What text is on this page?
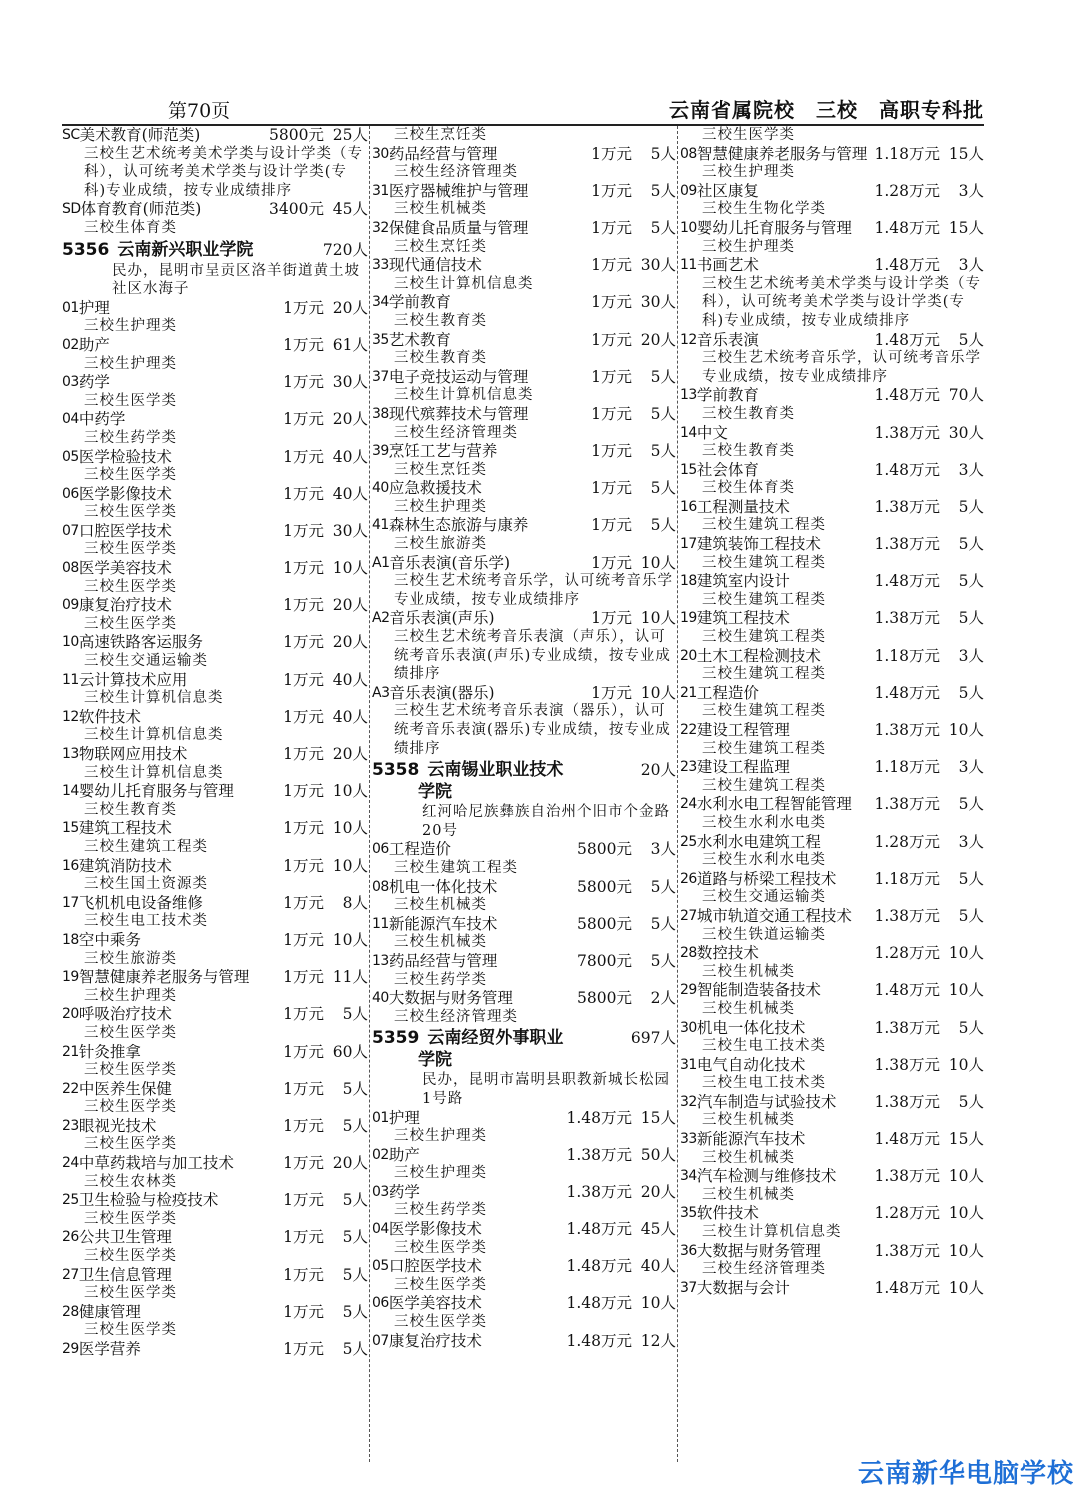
第70页	云南省属院校　三校　高职专科批
SC 美术教育(师范类)	5800元 25人
三校生艺术统考美术学类与设计学类（专科），认可统考美术学类与设计学类(专科)专业成绩，按专业成绩排序
SD 体育教育(师范类)	3400元 45人
三校生体育类
5356 云南新兴职业学院	720人
民办，昆明市呈贡区洛羊街道黄土坡社区水海子
01 护理	1万元 20人
三校生护理类
02 助产	1万元 61人
三校生护理类
03 药学	1万元 30人
三校生医学类
04 中药学	1万元 20人
三校生药学类
05 医学检验技术	1万元 40人
三校生医学类
06 医学影像技术	1万元 40人
三校生医学类
07 口腔医学技术	1万元 30人
三校生医学类
08 医学美容技术	1万元 10人
三校生医学类
09 康复治疗技术	1万元 20人
三校生医学类
10 高速铁路客运服务	1万元 20人
三校生交通运输类
11 云计算技术应用	1万元 40人
三校生计算机信息类
12 软件技术	1万元 40人
三校生计算机信息类
13 物联网应用技术	1万元 20人
三校生计算机信息类
14 婴幼儿托育服务与管理	1万元 10人
三校生教育类
15 建筑工程技术	1万元 10人
三校生建筑工程类
16 建筑消防技术	1万元 10人
三校生国土资源类
17 飞机机电设备维修	1万元	8人
三校生电工技术类
18 空中乘务	1万元 10人
三校生旅游类
19 智慧健康养老服务与管理	1万元 11人
三校生护理类
20 呼吸治疗技术	1万元	5人
三校生医学类
21 针灸推拿	1万元 60人
三校生医学类
22 中医养生保健	1万元	5人
三校生医学类
23 眼视光技术	1万元	5人
三校生医学类
24 中草药栽培与加工技术	1万元 20人
三校生农林类
25 卫生检验与检疫技术	1万元	5人
三校生医学类
26 公共卫生管理	1万元	5人
三校生医学类
27 卫生信息管理	1万元	5人
三校生医学类
28 健康管理	1万元	5人
三校生医学类
29 医学营养	1万元	5人
三校生烹饪类
30 药品经营与管理	1万元	5人
三校生经济管理类
31 医疗器械维护与管理	1万元	5人
三校生机械类
32 保健食品质量与管理	1万元	5人
三校生烹饪类
33 现代通信技术	1万元 30人
三校生计算机信息类
34 学前教育	1万元 30人
三校生教育类
35 艺术教育	1万元 20人
三校生教育类
37 电子竞技运动与管理	1万元	5人
三校生计算机信息类
38 现代殡葬技术与管理	1万元	5人
三校生经济管理类
39 烹饪工艺与营养	1万元	5人
三校生烹饪类
40 应急救援技术	1万元	5人
三校生护理类
41 森林生态旅游与康养	1万元	5人
三校生旅游类
A1 音乐表演(音乐学)	1万元 10人
三校生艺术统考音乐学，认可统考音乐学专业成绩，按专业成绩排序
A2 音乐表演(声乐)	1万元 10人
三校生艺术统考音乐表演（声乐），认可统考音乐表演(声乐)专业成绩，按专业成绩排序
A3 音乐表演(器乐)	1万元 10人
三校生艺术统考音乐表演（器乐），认可统考音乐表演(器乐)专业成绩，按专业成绩排序
5358 云南锡业职业技术	20人
学院
红河哈尼族彝族自治州个旧市个金路20号
06 工程造价	5800元	3人
三校生建筑工程类
08 机电一体化技术	5800元	5人
三校生机械类
11 新能源汽车技术	5800元	5人
三校生机械类
13 药品经营与管理	7800元	5人
三校生药学类
40 大数据与财务管理	5800元	2人
三校生经济管理类
5359 云南经贸外事职业	697人
学院
民办，昆明市嵩明县职教新城长松园1号路
01 护理	1.48万元 15人
三校生护理类
02 助产	1.38万元 50人
三校生护理类
03 药学	1.38万元 20人
三校生药学类
04 医学影像技术	1.48万元 45人
三校生医学类
05 口腔医学技术	1.48万元 40人
三校生医学类
06 医学美容技术	1.48万元 10人
三校生医学类
07 康复治疗技术	1.48万元 12人
三校生医学类
08 智慧健康养老服务与管理 1.18万元 15人
三校生护理类
09 社区康复	1.28万元	3人
三校生生物化学类
10 婴幼儿托育服务与管理	1.48万元 15人
三校生护理类
11 书画艺术	1.48万元	3人
三校生艺术统考美术学类与设计学类（专科），认可统考美术学类与设计学类(专科)专业成绩，按专业成绩排序
12 音乐表演	1.48万元	5人
三校生艺术统考音乐学，认可统考音乐学专业成绩，按专业成绩排序
13 学前教育	1.48万元 70人
三校生教育类
14 中文	1.38万元 30人
三校生教育类
15 社会体育	1.48万元	3人
三校生体育类
16 工程测量技术	1.38万元	5人
三校生建筑工程类
17 建筑装饰工程技术	1.38万元	5人
三校生建筑工程类
18 建筑室内设计	1.48万元	5人
三校生建筑工程类
19 建筑工程技术	1.38万元	5人
三校生建筑工程类
20 土木工程检测技术	1.18万元	3人
三校生建筑工程类
21 工程造价	1.48万元	5人
三校生建筑工程类
22 建设工程管理	1.38万元 10人
三校生建筑工程类
23 建设工程监理	1.18万元	3人
三校生建筑工程类
24 水利水电工程智能管理	1.38万元	5人
三校生水利水电类
25 水利水电建筑工程	1.28万元	3人
三校生水利水电类
26 道路与桥梁工程技术	1.18万元	5人
三校生交通运输类
27 城市轨道交通工程技术	1.38万元	5人
三校生铁道运输类
28 数控技术	1.28万元 10人
三校生机械类
29 智能制造装备技术	1.48万元 10人
三校生机械类
30 机电一体化技术	1.38万元	5人
三校生电工技术类
31 电气自动化技术	1.38万元 10人
三校生电工技术类
32 汽车制造与试验技术	1.38万元	5人
三校生机械类
33 新能源汽车技术	1.48万元 15人
三校生机械类
34 汽车检测与维修技术	1.38万元 10人
三校生机械类
35 软件技术	1.28万元 10人
三校生计算机信息类
36 大数据与财务管理	1.38万元 10人
三校生经济管理类
37 大数据与会计	1.48万元 10人
云南新华电脑学校
